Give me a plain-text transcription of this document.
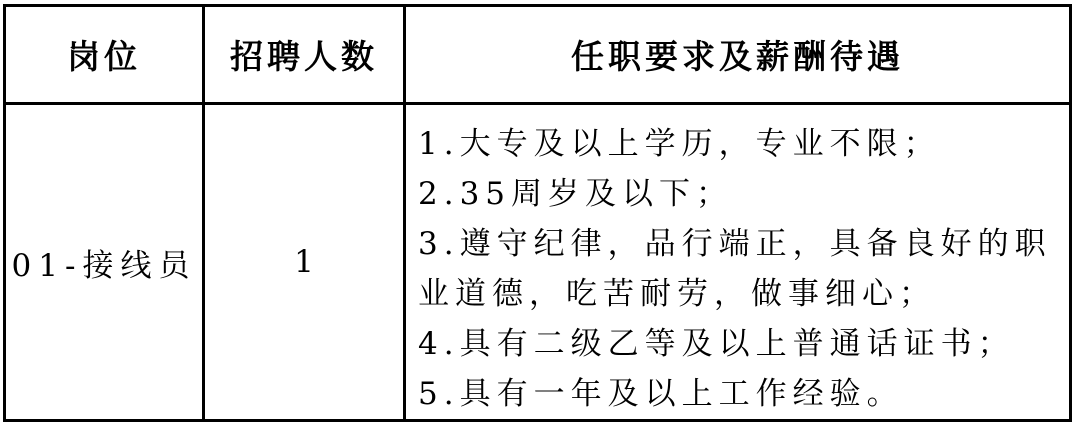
岗位	招聘人数	任职要求及薪酬待遇
01-接线员	1	1.大专及以上学历，专业不限；
2.35周岁及以下；
3.遵守纪律，品行端正，具备良好的职业道德，吃苦耐劳，做事细心；
4.具有二级乙等及以上普通话证书；
5.具有一年及以上工作经验。
